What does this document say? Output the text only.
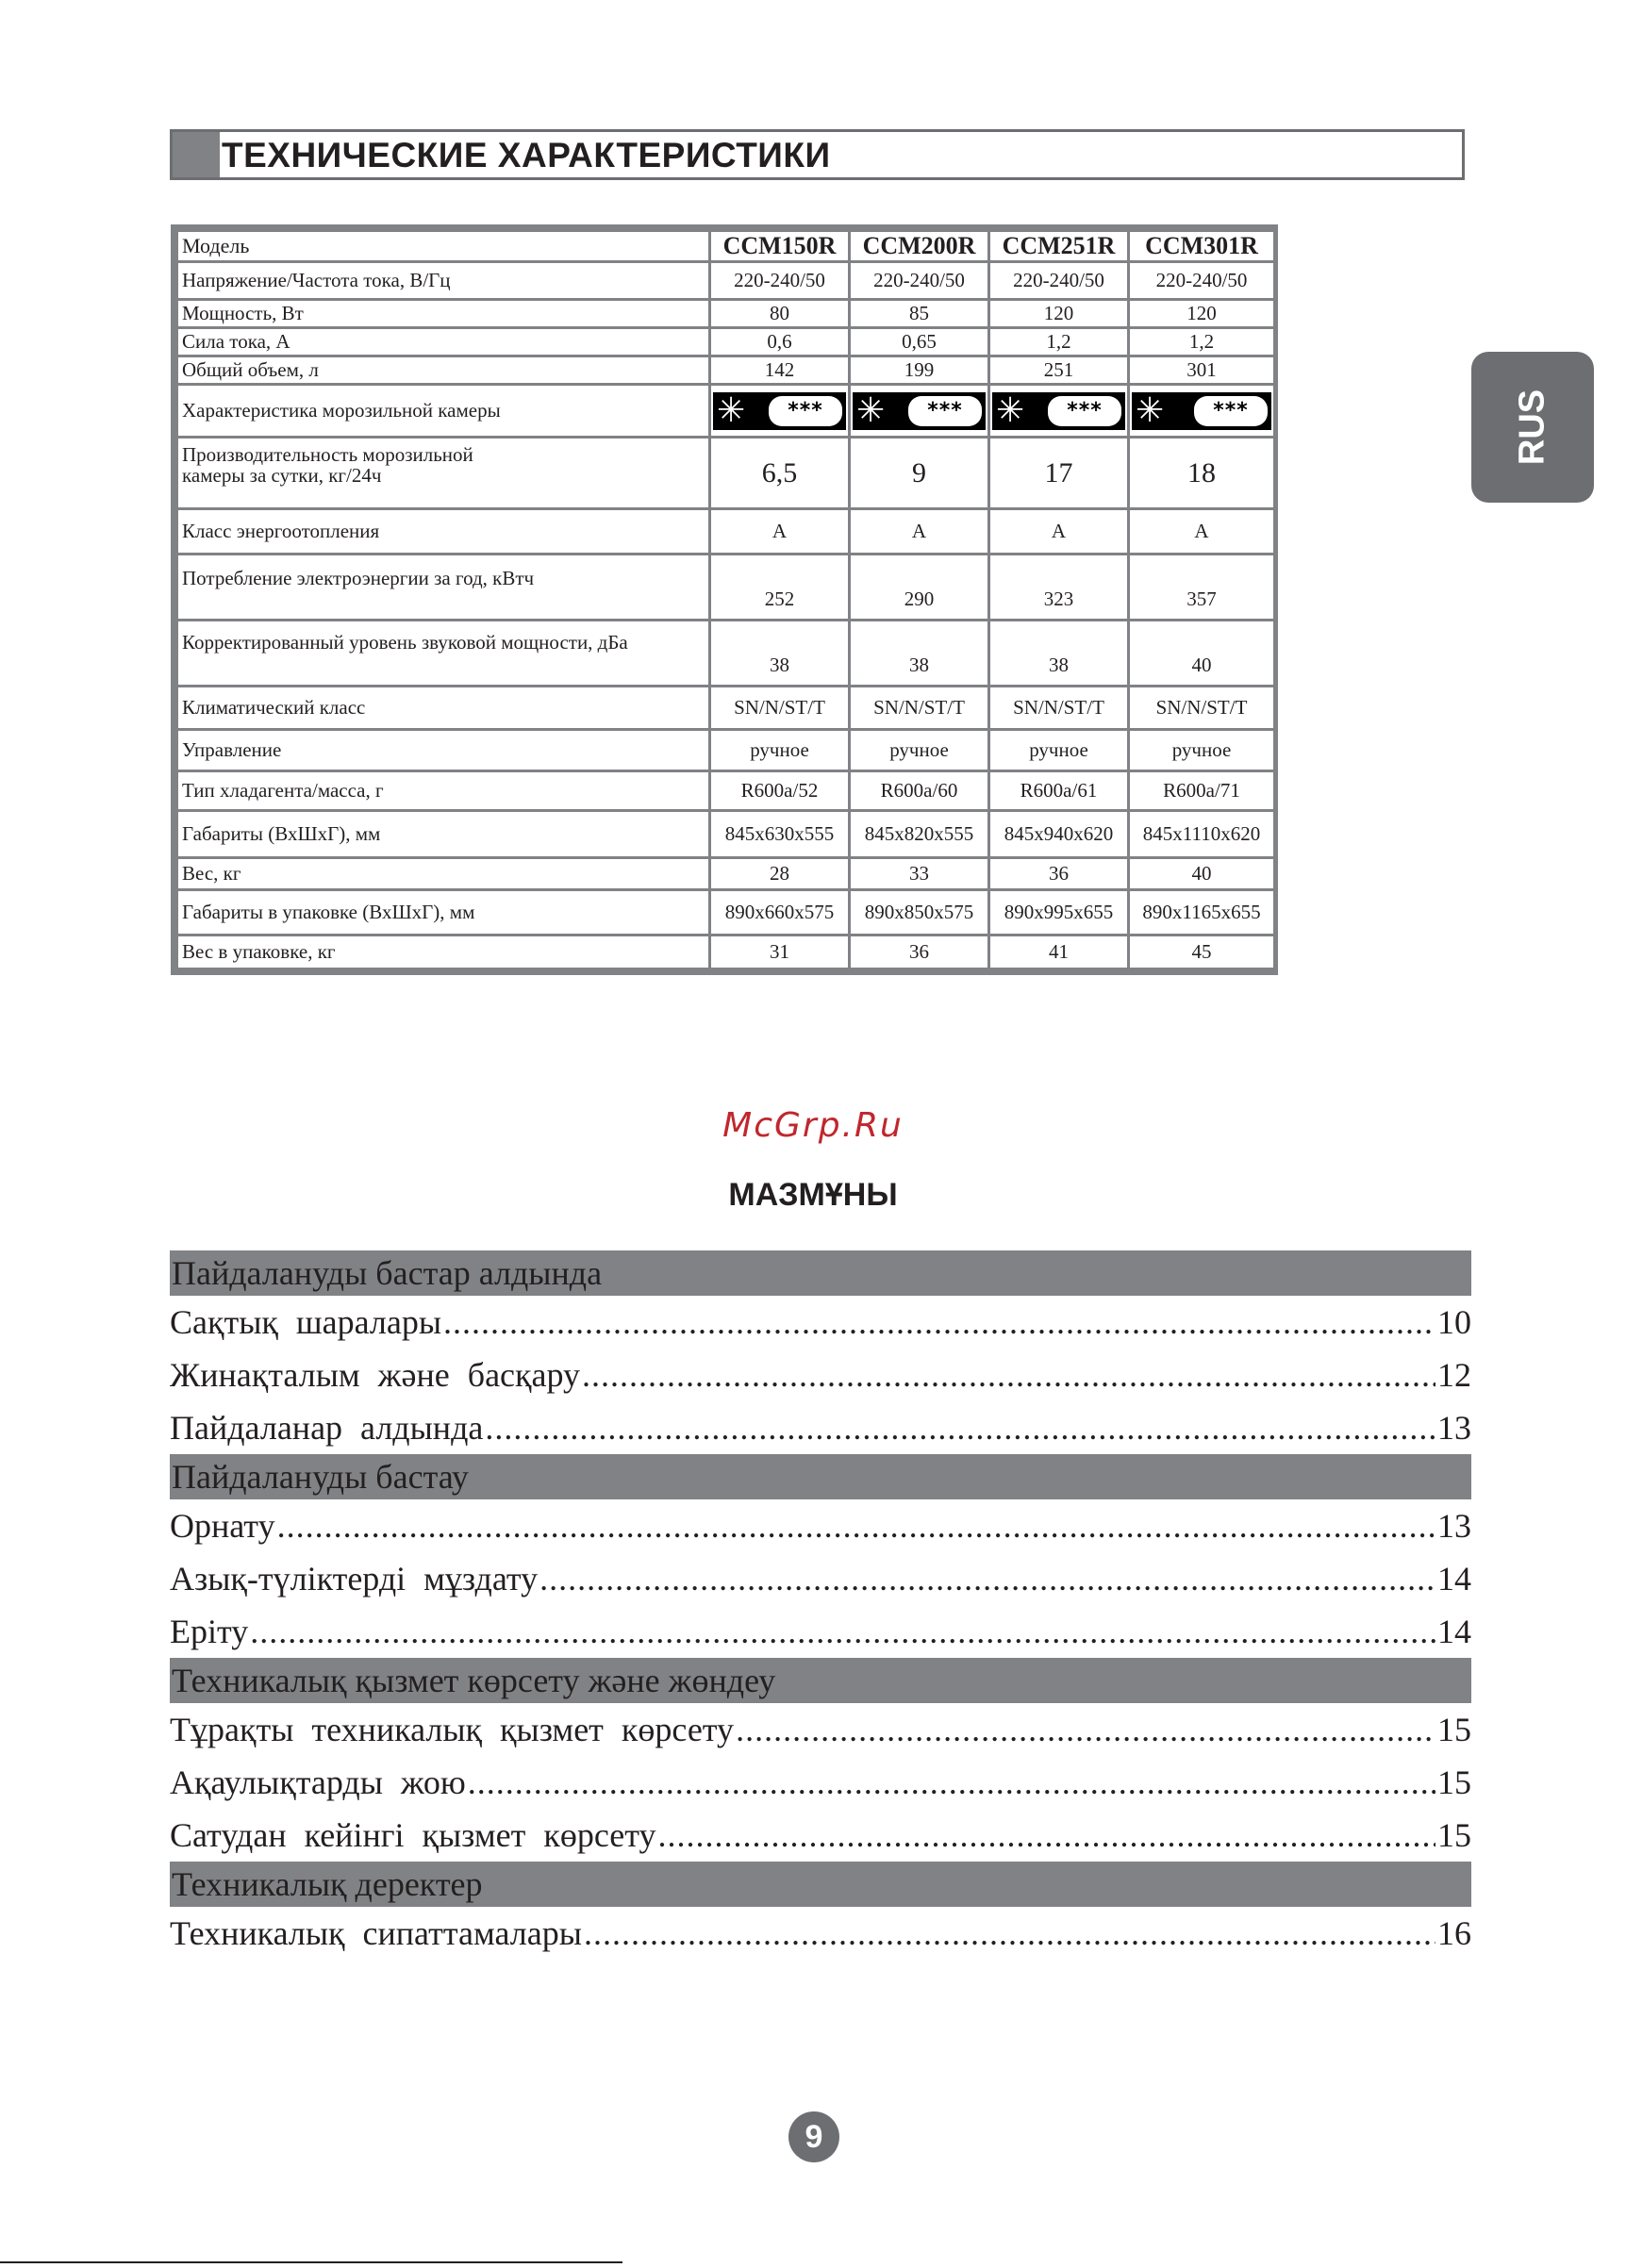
ТЕХНИЧЕСКИЕ ХАРАКТЕРИСТИКИ
RUS
Модель	CCM150R	CCM200R	CCM251R	CCM301R
Напряжение/Частота тока, В/Гц	220-240/50	220-240/50	220-240/50	220-240/50
Мощность, Вт	80	85	120	120
Сила тока, А	0,6	0,65	1,2	1,2
Общий объем, л	142	199	251	301
Характеристика морозильной камеры	✳ ***	✳ ***	✳ ***	✳ ***

Производительность морозильной
камеры за сутки, кг/24ч	6,5	9	17	18
Класс энергоотопления	A	A	A	A
Потребление электроэнергии за год, кВтч	252	290	323	357
Корректированный уровень звуковой мощности, дБа	38	38	38	40
Климатический класс	SN/N/ST/T	SN/N/ST/T	SN/N/ST/T	SN/N/ST/T
Управление	ручное	ручное	ручное	ручное
Тип хладагента/масса, г	R600a/52	R600a/60	R600a/61	R600a/71
Габариты (ВхШхГ), мм	845x630x555	845x820x555	845x940x620	845x1110x620
Вес, кг	28	33	36	40
Габариты в упаковке (ВхШхГ), мм	890x660x575	890x850x575	890x995x655	890x1165x655
Вес в упаковке, кг	31	36	41	45
McGrp.Ru
МАЗМҰНЫ
Пайдалануды бастар алдында
Сақтық шаралары .....	10
Жинақталым және басқару .....	12
Пайдаланар алдында .....	13
Пайдалануды бастау
Орнату .....	13
Азық-түліктерді мұздату .....	14
Еріту .....	14
Техникалық қызмет көрсету және жөндеу
Тұрақты техникалық қызмет көрсету .....	15
Ақаулықтарды жою .....	15
Сатудан кейінгі қызмет көрсету .....	15
Техникалық деректер
Техникалық сипаттамалары .....	16
9
